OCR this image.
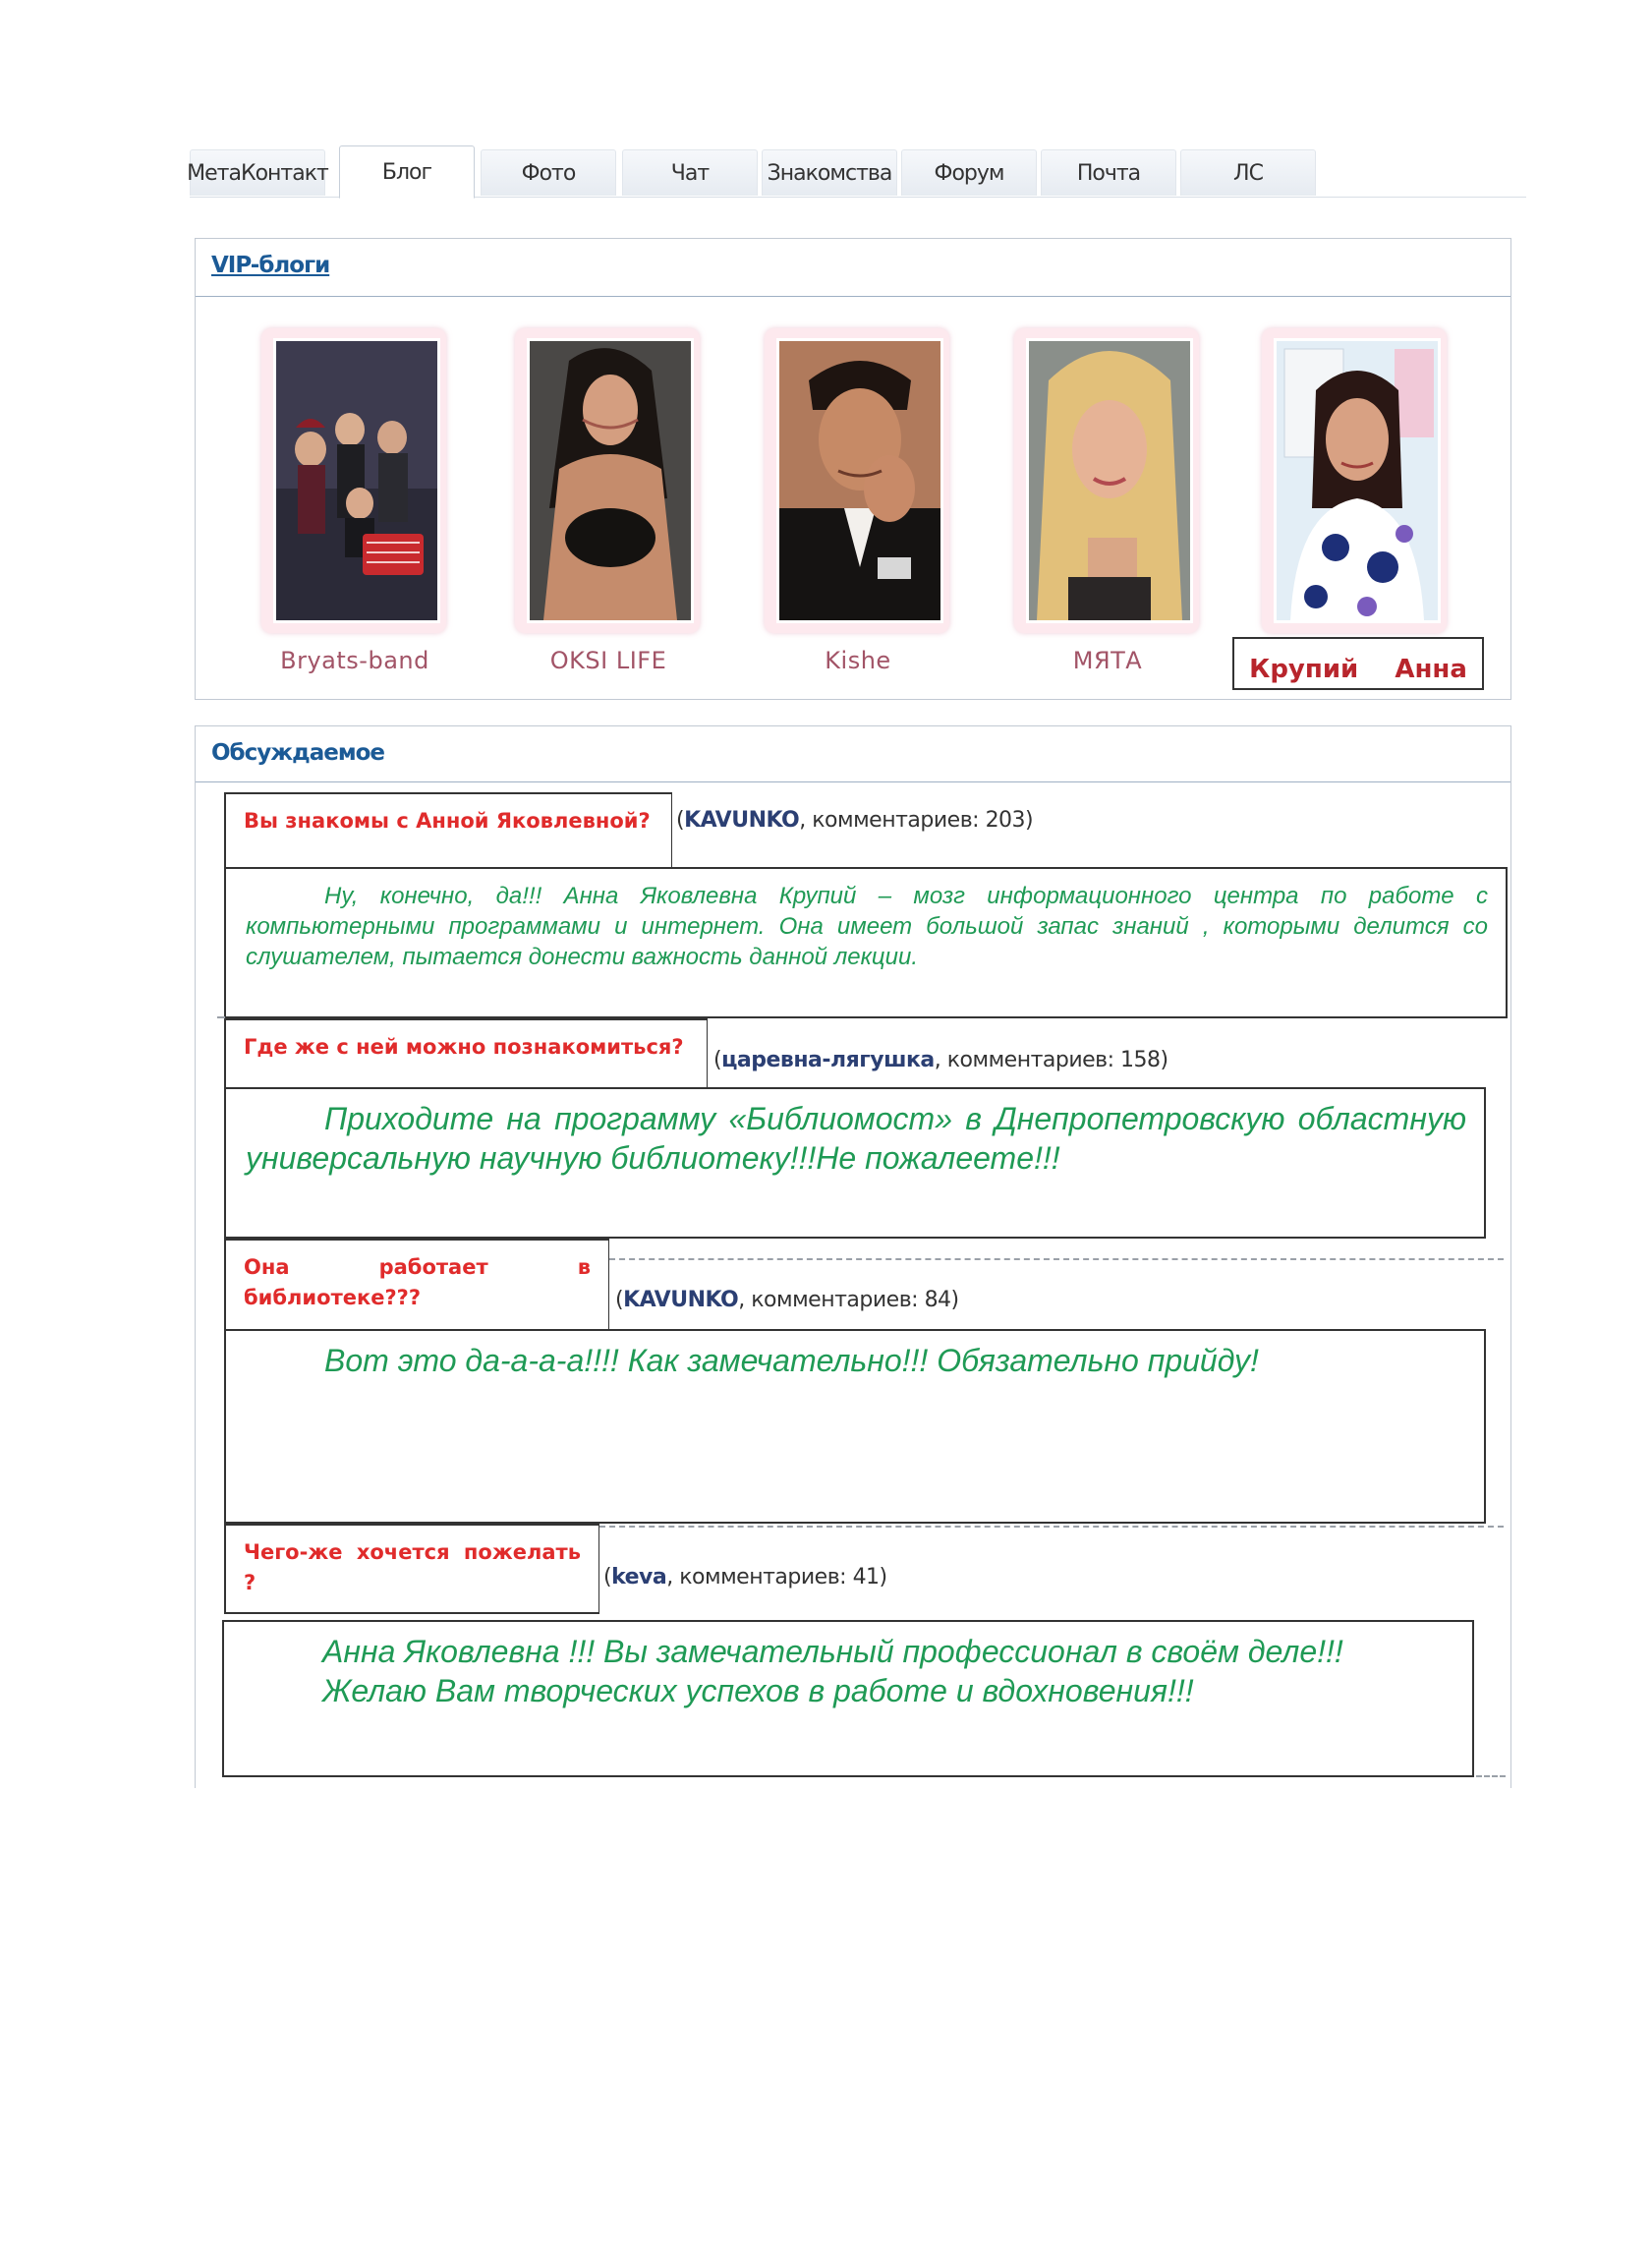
МетаКонтакт	Блог	Фото	Чат	Знакомства	Форум	Почта	ЛС
VIP-блоги
Bryats-band	OKSI LIFE	Kishe	МЯТА	Крупий Анна
Обсуждаемое
Вы знакомы с Анной Яковлевной?	(KAVUNKO, комментариев: 203)
Ну, конечно, да!!! Анна Яковлевна Крупий – мозг информационного центра по работе с компьютерными программами и интернет. Она имеет большой запас знаний , которыми делится со слушателем, пытается донести важность данной лекции.
Где же с ней можно познакомиться?
(царевна-лягушка, комментариев: 158)
Приходите на программу «Библиомост» в Днепропетровскую областную универсальную научную библиотеку!!!Не пожалеете!!!
Она работает в библиотеке???	(KAVUNKO, комментариев: 84)
Вот это да-а-а-а!!!! Как замечательно!!! Обязательно прийду!
Чего-же хочется пожелать ?	(keva, комментариев: 41)
Анна Яковлевна !!! Вы замечательный профессионал в своём деле!!!
Желаю Вам творческих успехов в работе и вдохновения!!!
